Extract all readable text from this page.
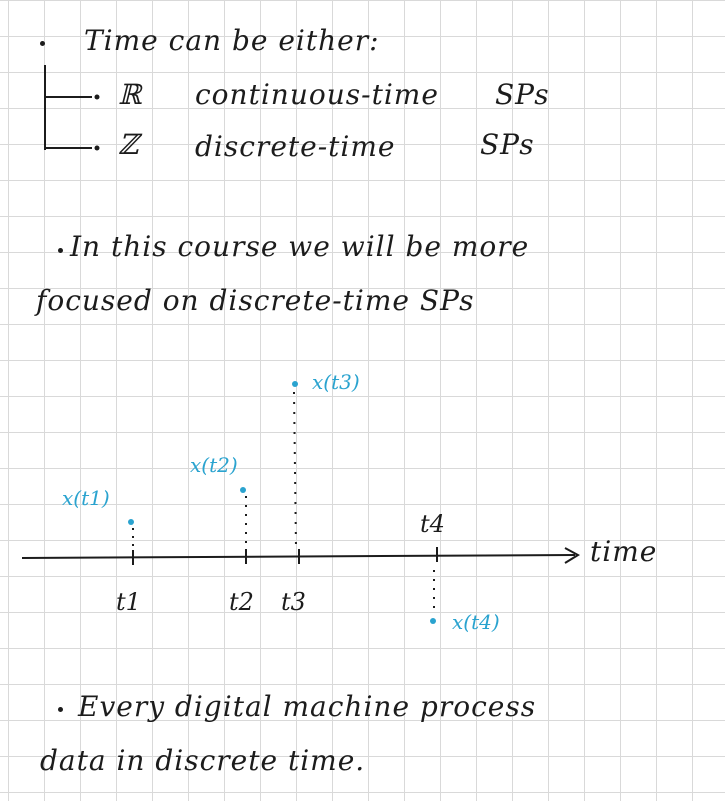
Time can be either:
ℝ continuous-time SPs
ℤ discrete-time	SPs
In this course we will be more
focused on discrete-time SPs
x(t1)
x(t2)
x(t3)
x(t4)
t1	t2 t3
t4
time
Every digital machine process
data in discrete time.
